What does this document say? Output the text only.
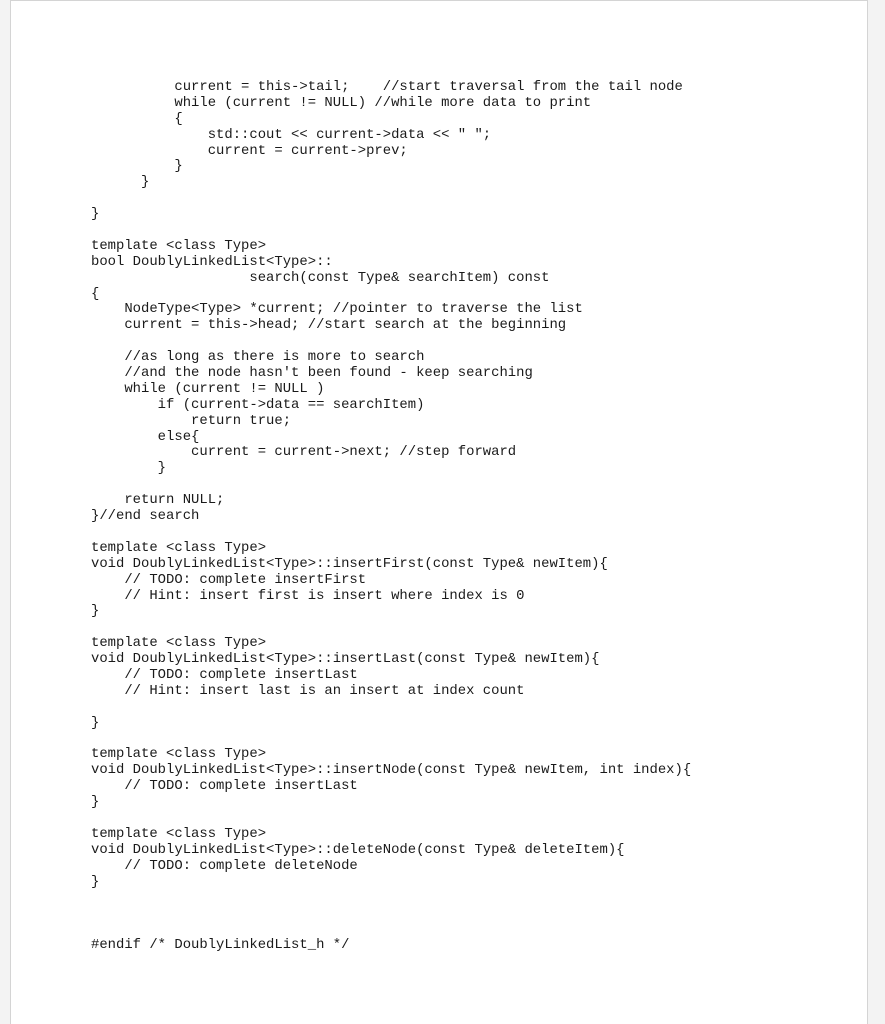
current = this->tail;    //start traversal from the tail node
while (current != NULL) //while more data to print
{
std::cout << current->data << " ";
current = current->prev;
}
}
}
template <class Type>
bool DoublyLinkedList<Type>::
search(const Type& searchItem) const
{
NodeType<Type> *current; //pointer to traverse the list
current = this->head; //start search at the beginning
//as long as there is more to search
//and the node hasn't been found - keep searching
while (current != NULL )
if (current->data == searchItem)
return true;
else{
current = current->next; //step forward
}
return NULL;
}//end search
template <class Type>
void DoublyLinkedList<Type>::insertFirst(const Type& newItem){
// TODO: complete insertFirst
// Hint: insert first is insert where index is 0
}
template <class Type>
void DoublyLinkedList<Type>::insertLast(const Type& newItem){
// TODO: complete insertLast
// Hint: insert last is an insert at index count
}
template <class Type>
void DoublyLinkedList<Type>::insertNode(const Type& newItem, int index){
// TODO: complete insertLast
}
template <class Type>
void DoublyLinkedList<Type>::deleteNode(const Type& deleteItem){
// TODO: complete deleteNode
}
#endif /* DoublyLinkedList_h */
